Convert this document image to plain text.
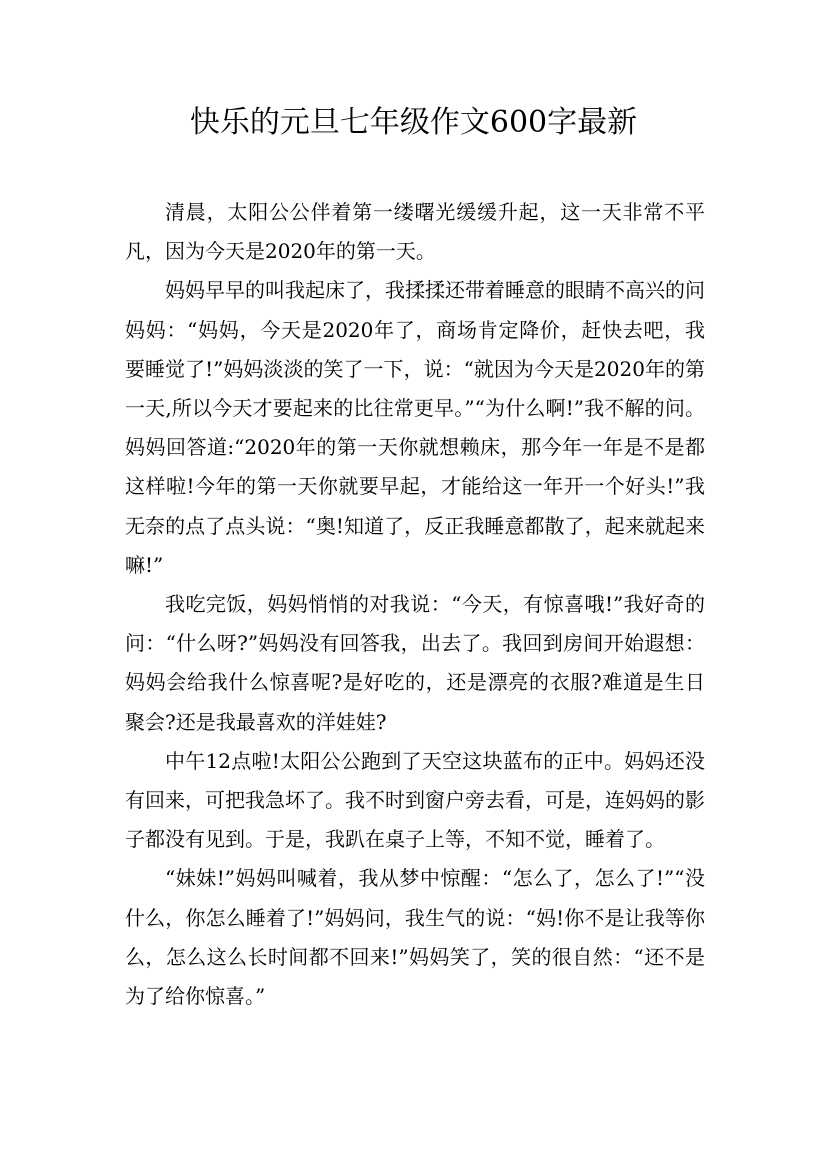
快乐的元旦七年级作文600字最新

清晨，太阳公公伴着第一缕曙光缓缓升起，这一天非常不平凡，因为今天是2020年的第一天。

妈妈早早的叫我起床了，我揉揉还带着睡意的眼睛不高兴的问妈妈：“妈妈，今天是2020年了，商场肯定降价，赶快去吧，我要睡觉了!”妈妈淡淡的笑了一下，说：“就因为今天是2020年的第一天,所以今天才要起来的比往常更早。”“为什么啊!”我不解的问。妈妈回答道:“2020年的第一天你就想赖床，那今年一年是不是都这样啦!今年的第一天你就要早起，才能给这一年开一个好头!”我无奈的点了点头说：“奥!知道了，反正我睡意都散了，起来就起来嘛!”

我吃完饭，妈妈悄悄的对我说：“今天，有惊喜哦!”我好奇的问：“什么呀?”妈妈没有回答我，出去了。我回到房间开始遐想：妈妈会给我什么惊喜呢?是好吃的，还是漂亮的衣服?难道是生日聚会?还是我最喜欢的洋娃娃?

中午12点啦!太阳公公跑到了天空这块蓝布的正中。妈妈还没有回来，可把我急坏了。我不时到窗户旁去看，可是，连妈妈的影子都没有见到。于是，我趴在桌子上等，不知不觉，睡着了。

“妹妹!”妈妈叫喊着，我从梦中惊醒：“怎么了，怎么了!”“没什么，你怎么睡着了!”妈妈问，我生气的说：“妈!你不是让我等你么，怎么这么长时间都不回来!”妈妈笑了，笑的很自然：“还不是为了给你惊喜。”
